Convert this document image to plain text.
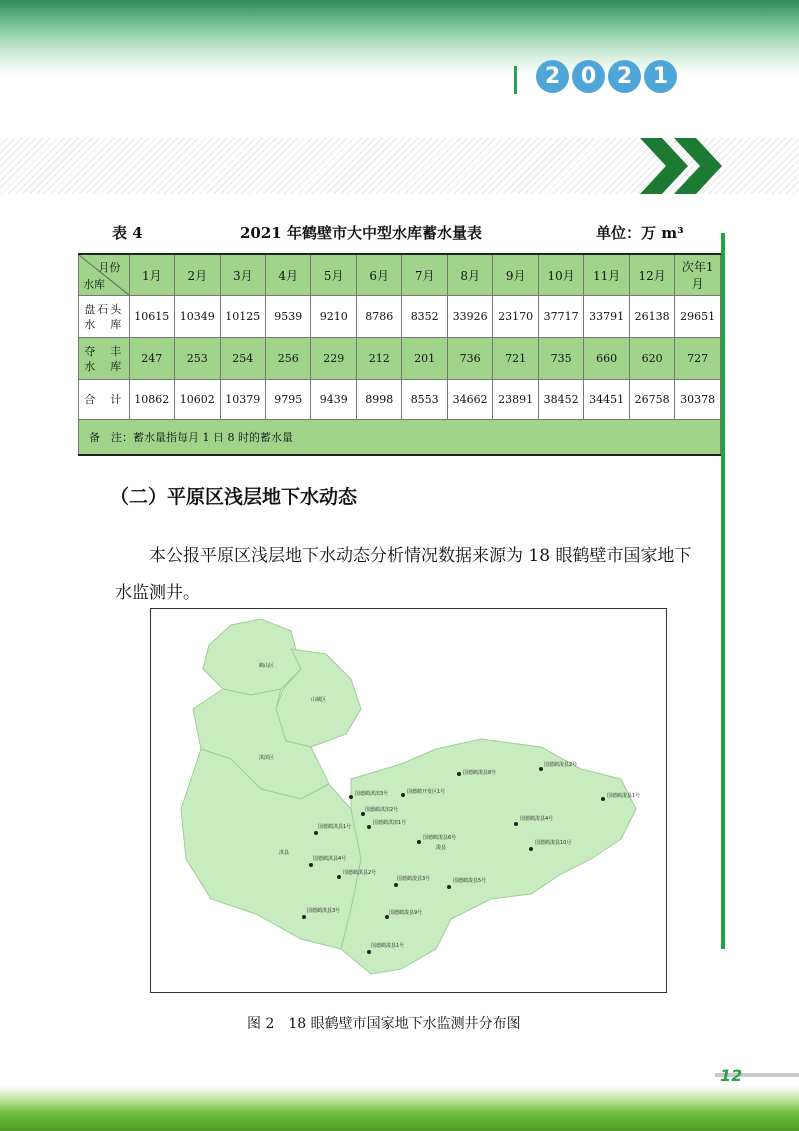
2 0 2 1
表 4	2021 年鹤壁市大中型水库蓄水量表	单位：万 m³
月份
水库	1月	2月	3月	4月	5月	6月	7月	8月	9月	10月	11月	12月	次年1月
盘石头水　库	10615	10349	10125	9539	9210	8786	8352	33926	23170	37717	33791	26138	29651
夺　丰水　库	247	253	254	256	229	212	201	736	721	735	660	620	727
合　计	10862	10602	10379	9795	9439	8998	8553	34662	23891	38452	34451	26758	30378
备　注：蓄水量指每月 1 日 8 时的蓄水量													
（二）平原区浅层地下水动态
本公报平原区浅层地下水动态分析情况数据来源为 18 眼鹤壁市国家地下水监测井。
鹤山区
山城区
淇滨区
淇县
浚县
国德鹤浚县8号
国德鹤浚县2号
国德鹤淇滨3号	国德鹤开发区1号
国德鹤浚县1号
国德鹤淇滨2号
国德鹤淇滨1号
国德鹤淇县1号
国德鹤浚县4号
国德鹤浚县6号
国德鹤浚县10号
国德鹤淇县4号
国德鹤淇县2号
国德鹤浚县3号	国德鹤浚县5号
国德鹤淇县3号	国德鹤浚县9号
国德鹤浚县1号
图 2　18 眼鹤壁市国家地下水监测井分布图
12
